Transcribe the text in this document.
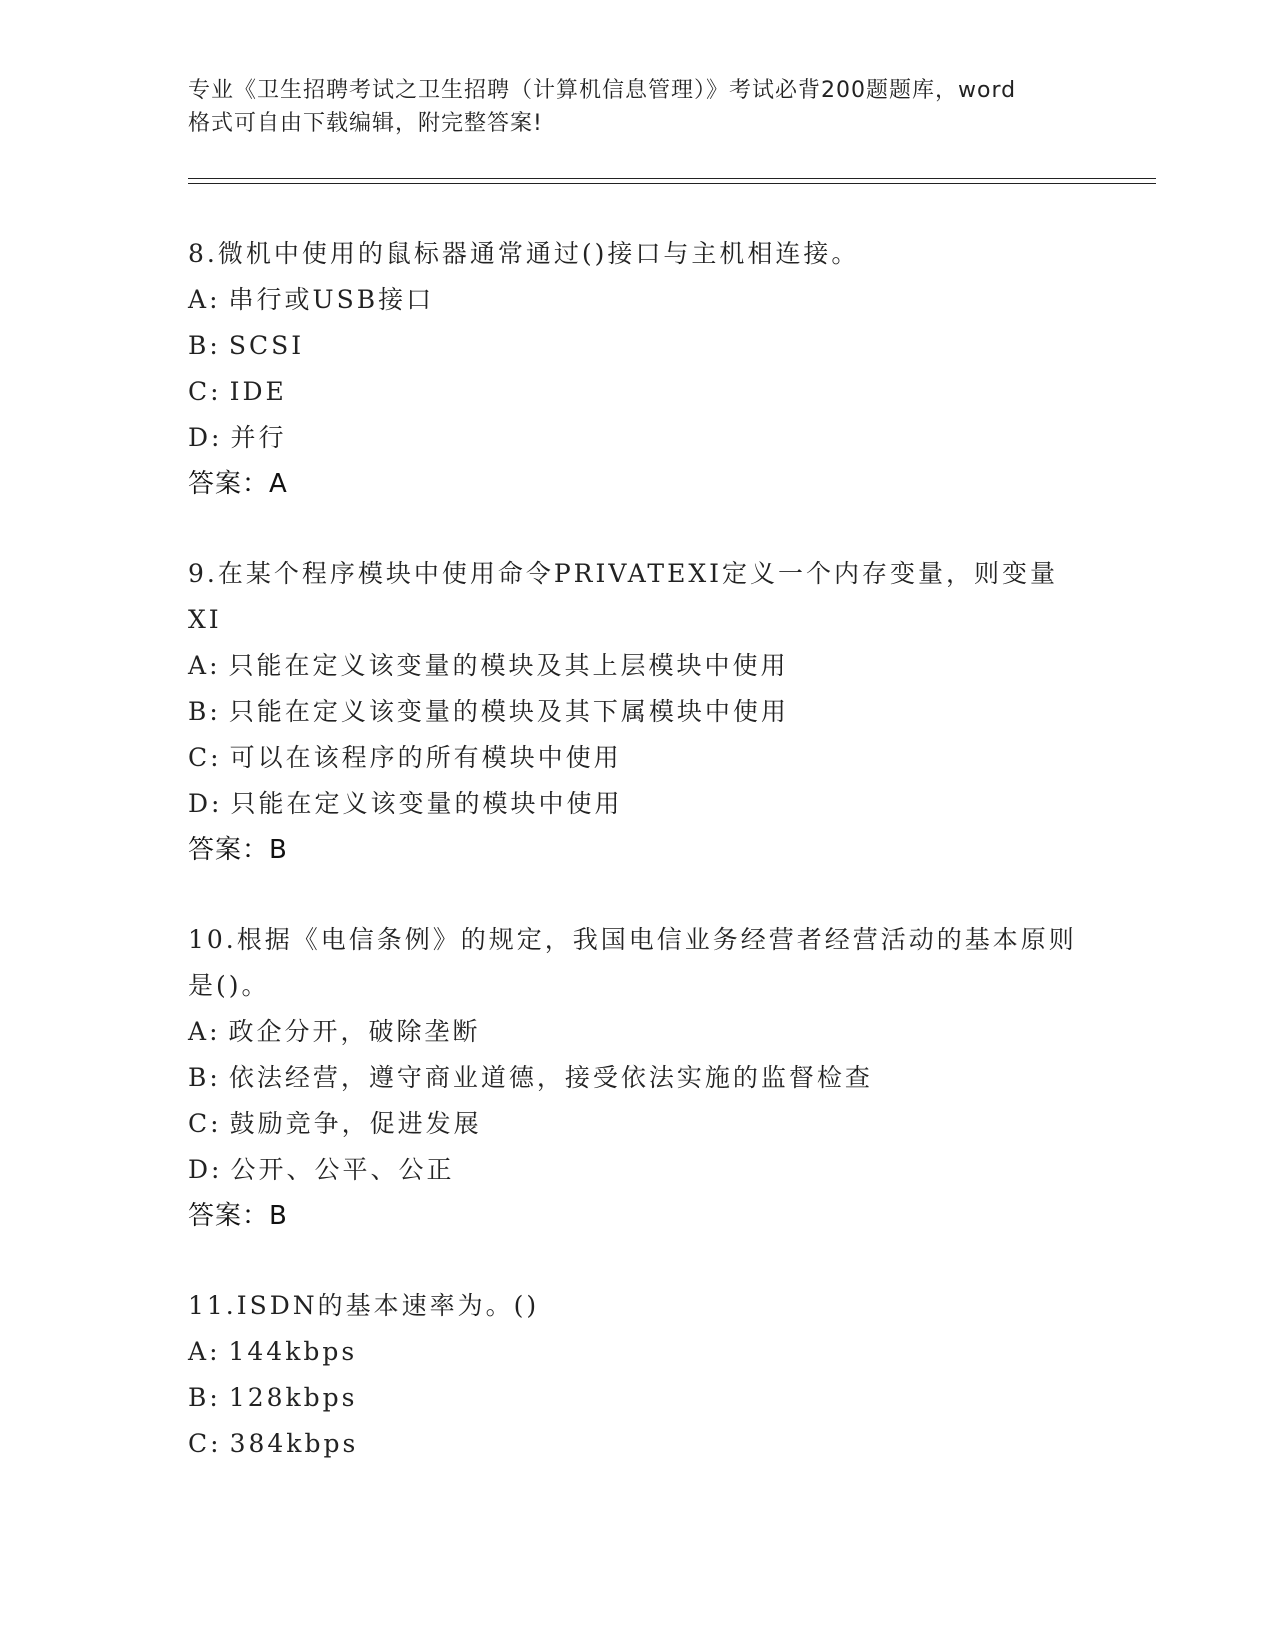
专业《卫生招聘考试之卫生招聘（计算机信息管理）》考试必背200题题库，word
格式可自由下载编辑，附完整答案!
8.微机中使用的鼠标器通常通过()接口与主机相连接。
A: 串行或USB接口
B: SCSI
C: IDE
D: 并行
答案：A
9.在某个程序模块中使用命令PRIVATEXI定义一个内存变量，则变量XI
A: 只能在定义该变量的模块及其上层模块中使用
B: 只能在定义该变量的模块及其下属模块中使用
C: 可以在该程序的所有模块中使用
D: 只能在定义该变量的模块中使用
答案：B
10.根据《电信条例》的规定，我国电信业务经营者经营活动的基本原则是()。
A: 政企分开，破除垄断
B: 依法经营，遵守商业道德，接受依法实施的监督检查
C: 鼓励竞争，促进发展
D: 公开、公平、公正
答案：B
11.ISDN的基本速率为。()
A: 144kbps
B: 128kbps
C: 384kbps
